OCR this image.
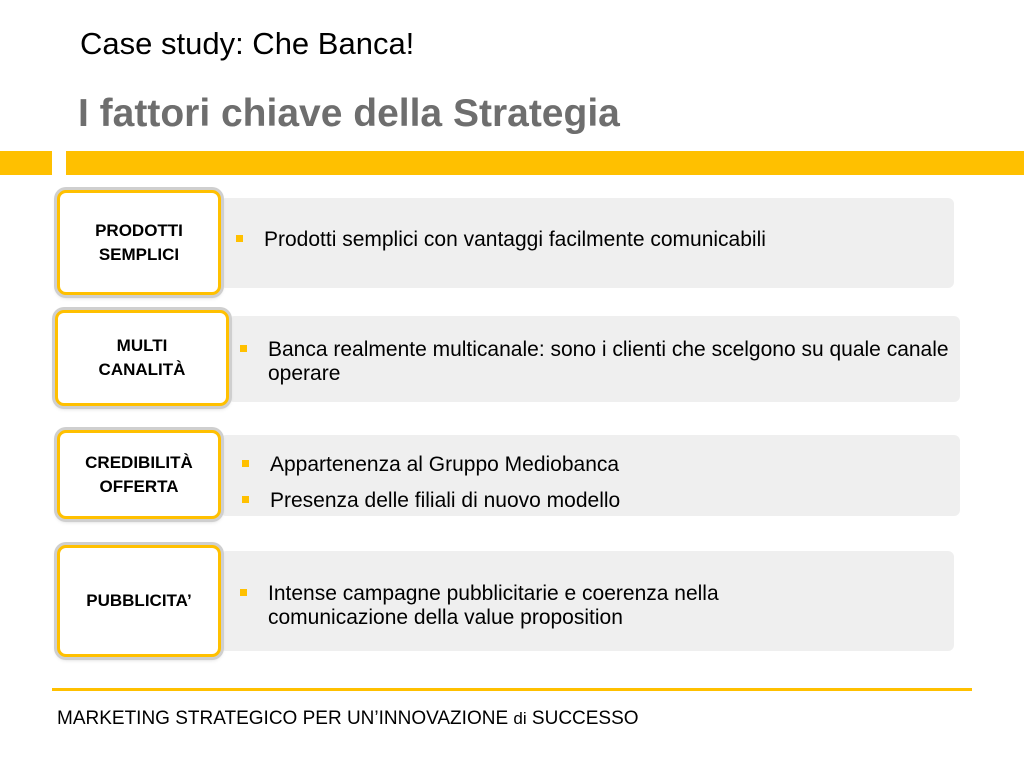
Case study: Che Banca!
I fattori chiave della Strategia
PRODOTTI
SEMPLICI
Prodotti semplici con vantaggi facilmente comunicabili
MULTI
CANALITÀ
Banca realmente multicanale: sono i clienti che scelgono su quale canale operare
CREDIBILITÀ
OFFERTA
Appartenenza al Gruppo Mediobanca
Presenza delle filiali di nuovo modello
PUBBLICITA’	Intense campagne pubblicitarie e coerenza nella comunicazione della value proposition
MARKETING STRATEGICO PER UN’INNOVAZIONE di SUCCESSO
